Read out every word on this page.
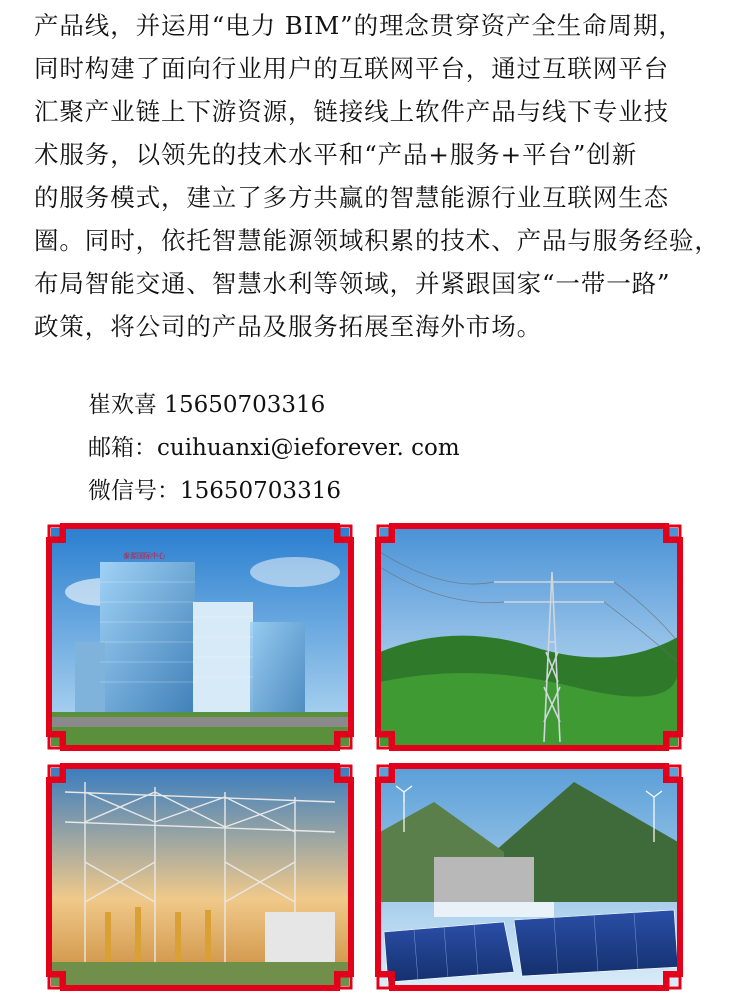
产品线，并运用“电力 BIM”的理念贯穿资产全生命周期，
同时构建了面向行业用户的互联网平台，通过互联网平台
汇聚产业链上下游资源，链接线上软件产品与线下专业技
术服务，以领先的技术水平和“产品+服务+平台”创新
的服务模式，建立了多方共赢的智慧能源行业互联网生态
圈。同时，依托智慧能源领域积累的技术、产品与服务经验，
布局智能交通、智慧水利等领域，并紧跟国家“一带一路”
政策，将公司的产品及服务拓展至海外市场。
崔欢喜 15650703316
邮箱：cuihuanxi@ieforever. com
微信号：15650703316
泰源国际中心
